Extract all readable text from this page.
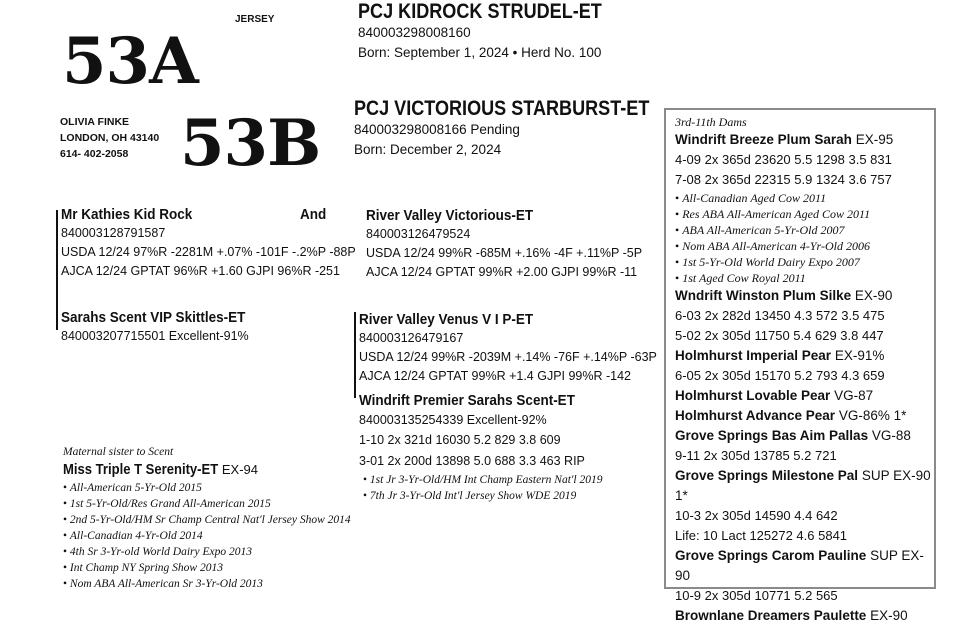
53A
53B
JERSEY
OLIVIA FINKE
LONDON, OH 43140
614- 402-2058
PCJ KIDROCK STRUDEL-ET
840003298008160
Born: September 1, 2024 • Herd No. 100
PCJ VICTORIOUS STARBURST-ET
840003298008166 Pending
Born: December 2, 2024
Mr Kathies Kid Rock
840003128791587
USDA 12/24 97%R -2281M +.07% -101F -.2%P -88P
AJCA 12/24 GPTAT 96%R +1.60 GJPI 96%R -251
And	River Valley Victorious-ET
840003126479524
USDA 12/24 99%R -685M +.16% -4F +.11%P -5P
AJCA 12/24 GPTAT 99%R +2.00 GJPI 99%R -11
Sarahs Scent VIP Skittles-ET
840003207715501 Excellent-91%
River Valley Venus V I P-ET
840003126479167
USDA 12/24 99%R -2039M +.14% -76F +.14%P -63P
AJCA 12/24 GPTAT 99%R +1.4 GJPI 99%R -142
Windrift Premier Sarahs Scent-ET
840003135254339 Excellent-92%
1-10 2x 321d 16030 5.2 829 3.8 609
3-01 2x 200d 13898 5.0 688 3.3 463 RIP
• 1st Jr 3-Yr-Old/HM Int Champ Eastern Nat'l 2019
• 7th Jr 3-Yr-Old Int'l Jersey Show WDE 2019
Maternal sister to Scent
Miss Triple T Serenity-ET EX-94
• All-American 5-Yr-Old 2015
• 1st 5-Yr-Old/Res Grand All-American 2015
• 2nd 5-Yr-Old/HM Sr Champ Central Nat'l Jersey Show 2014
• All-Canadian 4-Yr-Old 2014
• 4th Sr 3-Yr-old World Dairy Expo 2013
• Int Champ NY Spring Show 2013
• Nom ABA All-American Sr 3-Yr-Old 2013
3rd-11th Dams
Windrift Breeze Plum Sarah EX-95
4-09 2x 365d 23620 5.5 1298 3.5 831
7-08 2x 365d 22315 5.9 1324 3.6 757
• All-Canadian Aged Cow 2011
• Res ABA All-American Aged Cow 2011
• ABA All-American 5-Yr-Old 2007
• Nom ABA All-American 4-Yr-Old 2006
• 1st 5-Yr-Old World Dairy Expo 2007
• 1st Aged Cow Royal 2011
Wndrift Winston Plum Silke EX-90
6-03 2x 282d 13450 4.3 572 3.5 475
5-02 2x 305d 11750 5.4 629 3.8 447
Holmhurst Imperial Pear EX-91%
6-05 2x 305d 15170 5.2 793 4.3 659
Holmhurst Lovable Pear VG-87
Holmhurst Advance Pear VG-86% 1*
Grove Springs Bas Aim Pallas VG-88
9-11 2x 305d 13785 5.2 721
Grove Springs Milestone Pal SUP EX-90 1*
10-3 2x 305d 14590 4.4 642
Life: 10 Lact 125272 4.6 5841
Grove Springs Carom Pauline SUP EX-90
10-9 2x 305d 10771 5.2 565
Brownlane Dreamers Paulette EX-90
